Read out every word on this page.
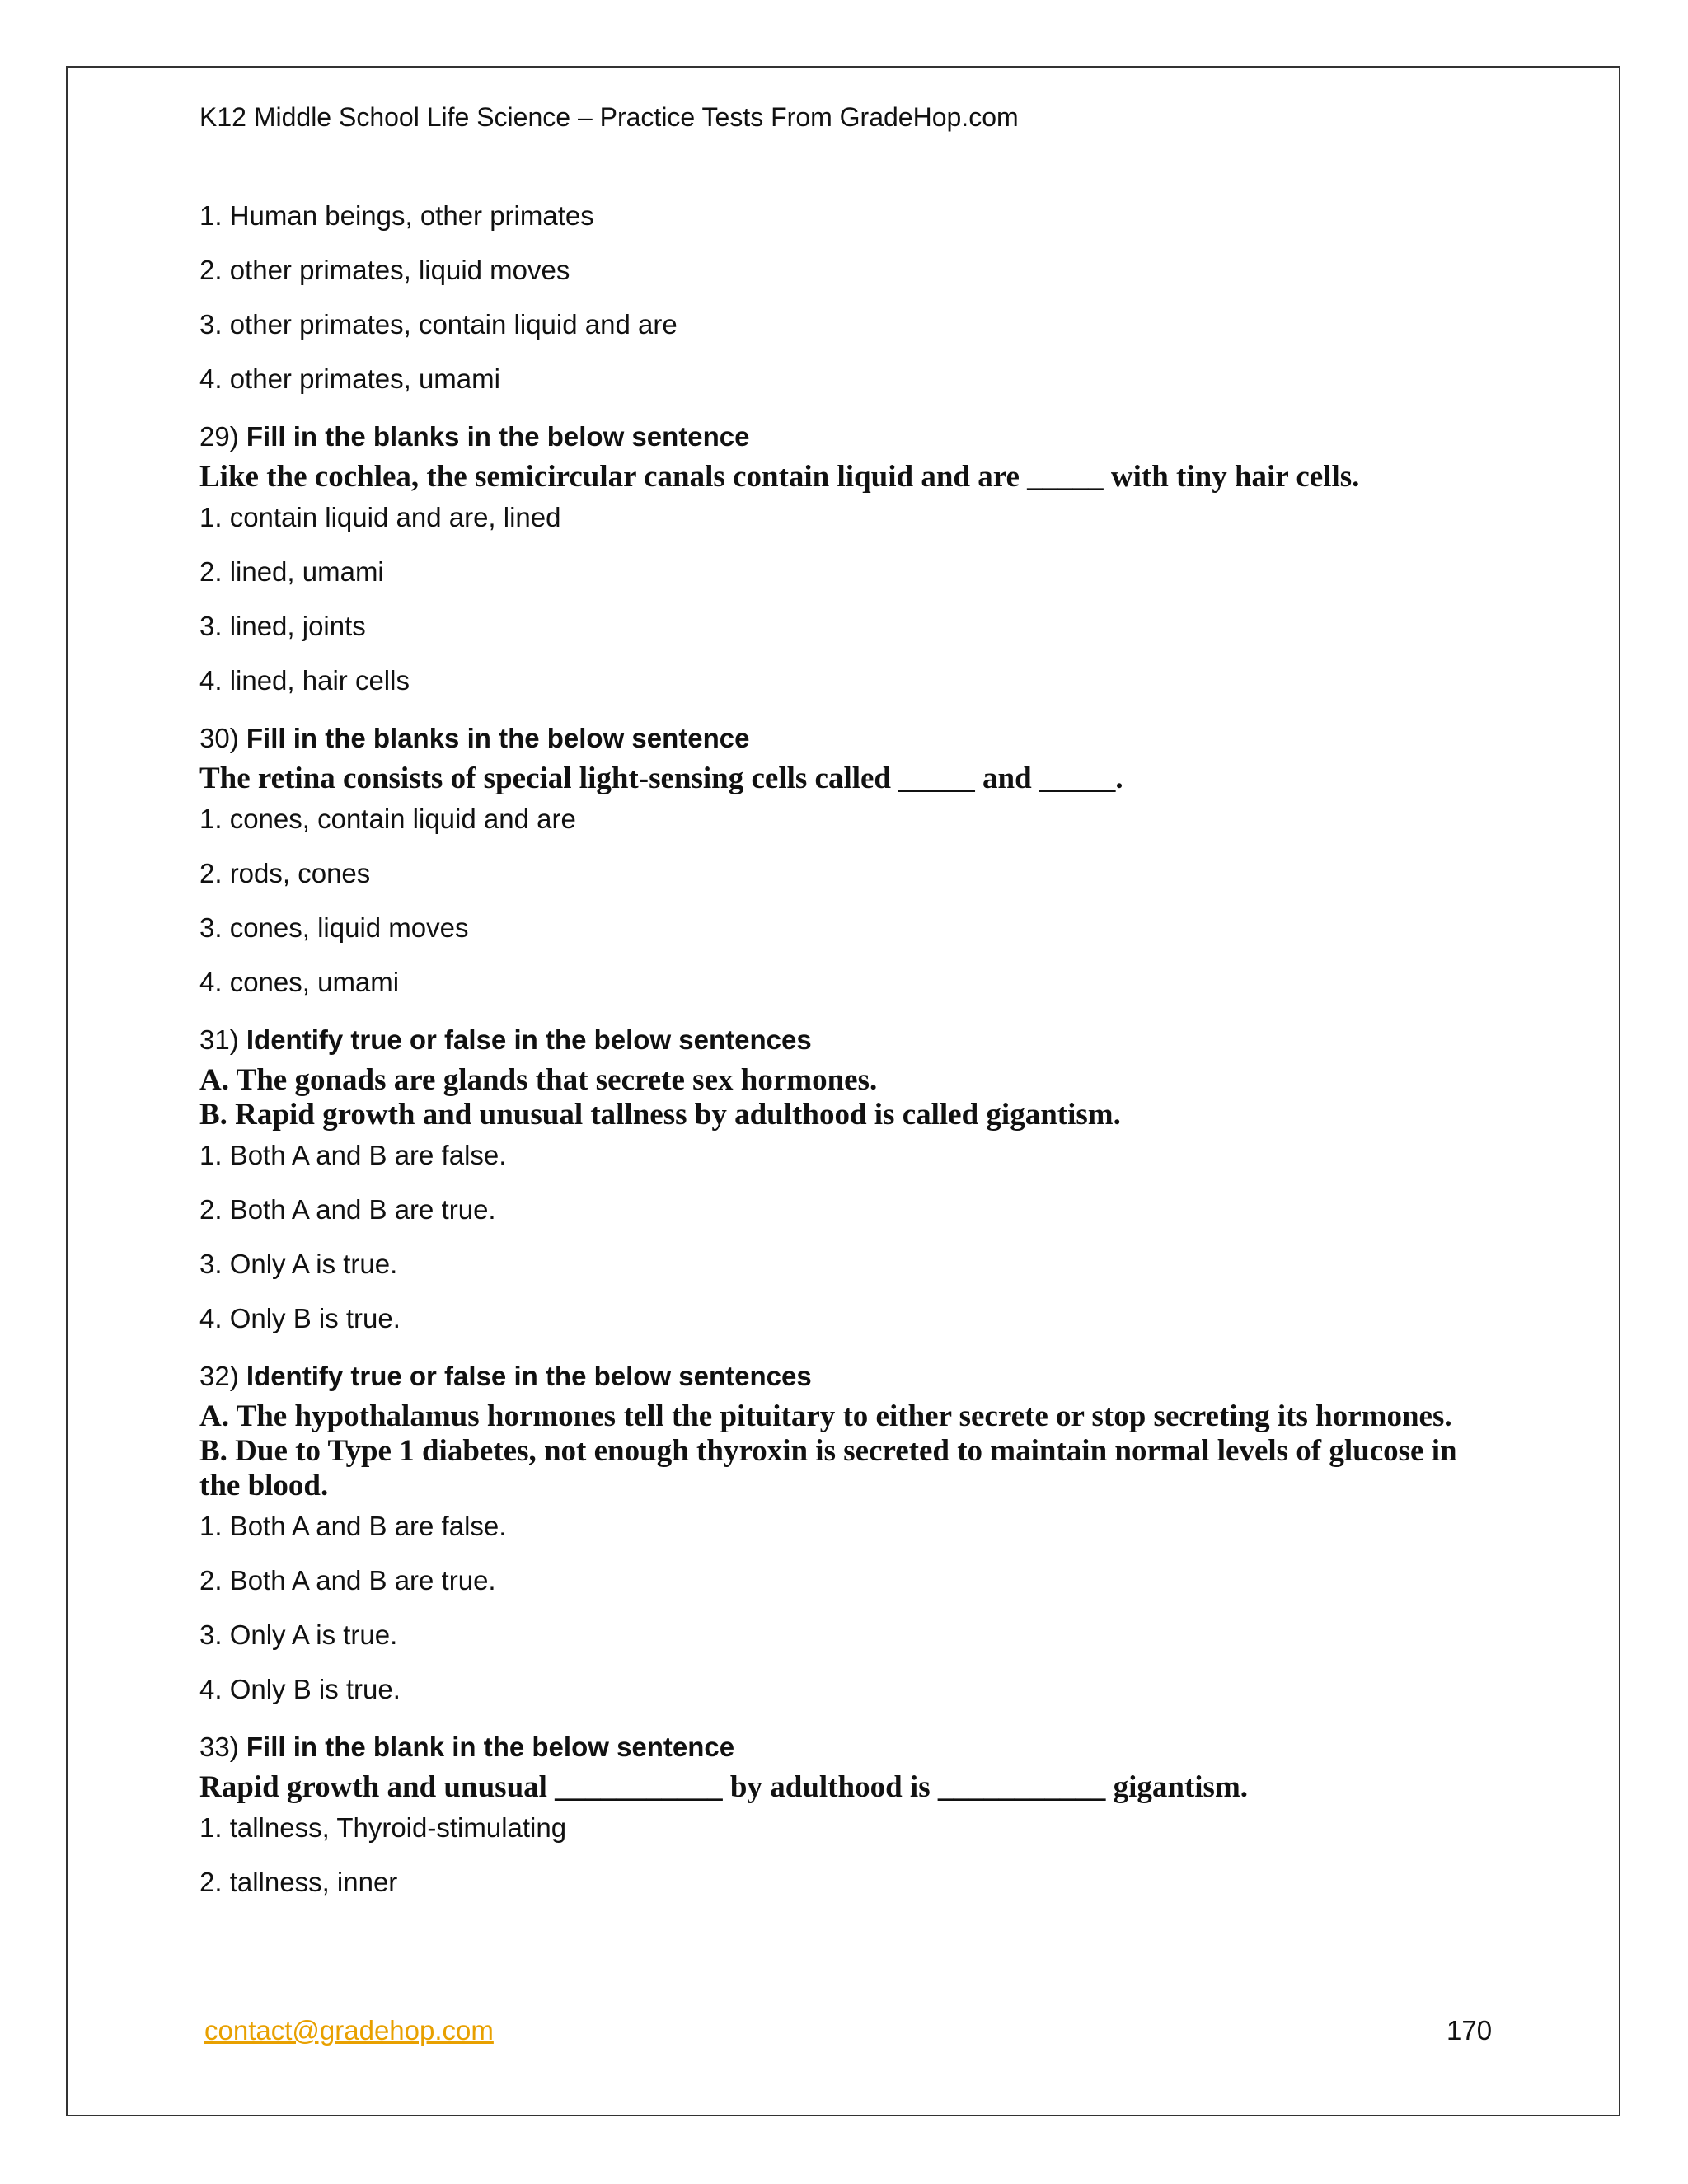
K12 Middle School Life Science – Practice Tests From GradeHop.com

1. Human beings, other primates

2. other primates, liquid moves

3. other primates, contain liquid and are

4. other primates, umami

29) Fill in the blanks in the below sentence

Like the cochlea, the semicircular canals contain liquid and are _____ with tiny hair cells.

1. contain liquid and are, lined

2. lined, umami

3. lined, joints

4. lined, hair cells

30) Fill in the blanks in the below sentence

The retina consists of special light-sensing cells called _____ and _____.

1. cones, contain liquid and are

2. rods, cones

3. cones, liquid moves

4. cones, umami

31) Identify true or false in the below sentences

A. The gonads are glands that secrete sex hormones.
B. Rapid growth and unusual tallness by adulthood is called gigantism.

1. Both A and B are false.

2. Both A and B are true.

3. Only A is true.

4. Only B is true.

32) Identify true or false in the below sentences

A. The hypothalamus hormones tell the pituitary to either secrete or stop secreting its hormones.
B. Due to Type 1 diabetes, not enough thyroxin is secreted to maintain normal levels of glucose in
the blood.

1. Both A and B are false.

2. Both A and B are true.

3. Only A is true.

4. Only B is true.

33) Fill in the blank in the below sentence

Rapid growth and unusual ___________ by adulthood is ___________ gigantism.

1. tallness, Thyroid-stimulating

2. tallness, inner

contact@gradehop.com	170
